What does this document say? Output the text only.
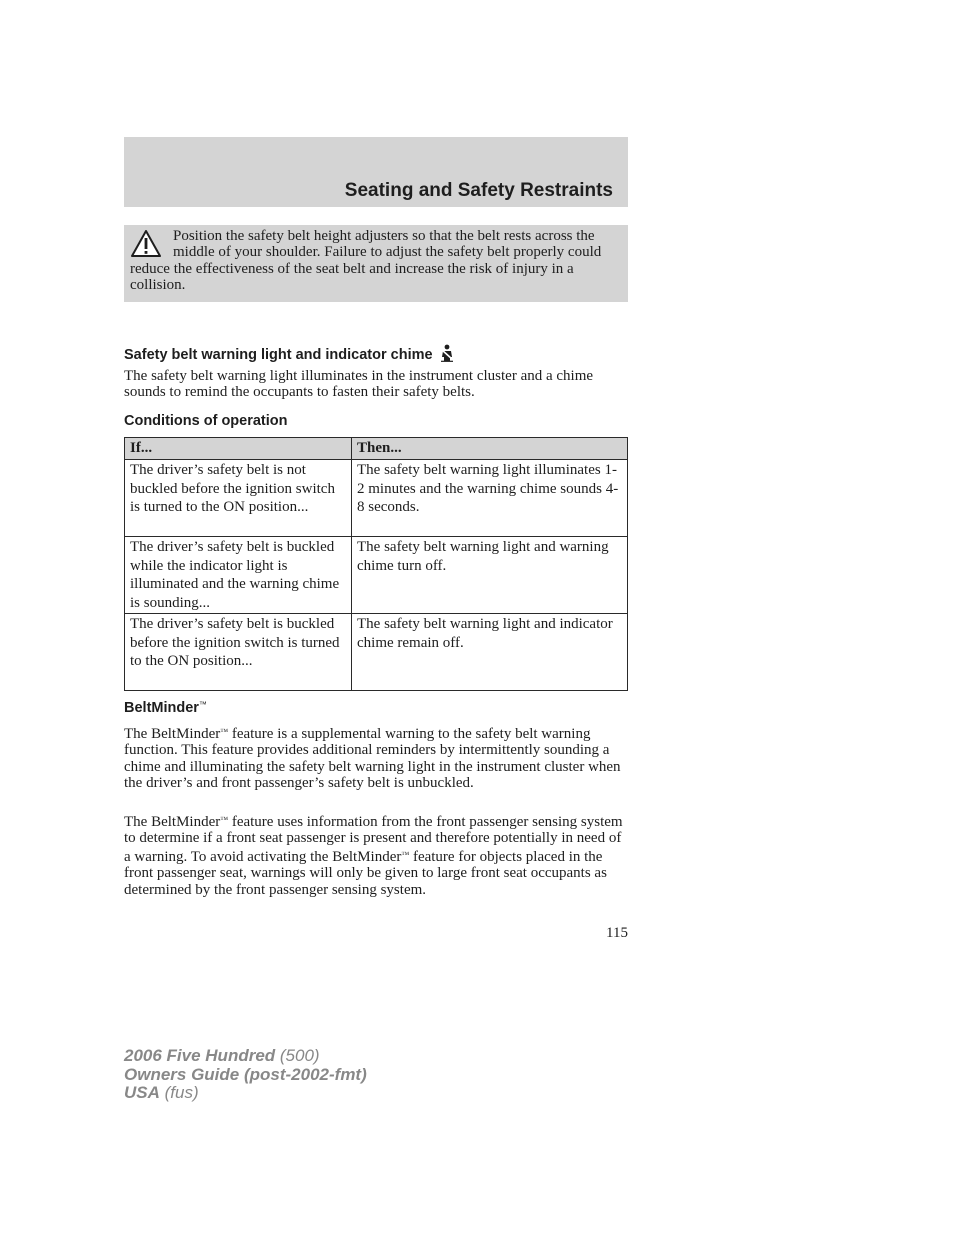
Seating and Safety Restraints

Position the safety belt height adjusters so that the belt rests across the middle of your shoulder. Failure to adjust the safety belt properly could reduce the effectiveness of the seat belt and increase the risk of injury in a collision.

Safety belt warning light and indicator chime

The safety belt warning light illuminates in the instrument cluster and a chime sounds to remind the occupants to fasten their safety belts.

Conditions of operation
If...	Then...
The driver’s safety belt is not buckled before the ignition switch is turned to the ON position...	The safety belt warning light illuminates 1-2 minutes and the warning chime sounds 4-8 seconds.
The driver’s safety belt is buckled while the indicator light is illuminated and the warning chime is sounding...	The safety belt warning light and warning chime turn off.
The driver’s safety belt is buckled before the ignition switch is turned to the ON position...	The safety belt warning light and indicator chime remain off.
BeltMinder™

The BeltMinder™ feature is a supplemental warning to the safety belt warning function. This feature provides additional reminders by intermittently sounding a chime and illuminating the safety belt warning light in the instrument cluster when the driver’s and front passenger’s safety belt is unbuckled.

The BeltMinder™ feature uses information from the front passenger sensing system to determine if a front seat passenger is present and therefore potentially in need of a warning. To avoid activating the BeltMinder™ feature for objects placed in the front passenger seat, warnings will only be given to large front seat occupants as determined by the front passenger sensing system.

115
2006 Five Hundred (500)
Owners Guide (post-2002-fmt)
USA (fus)
